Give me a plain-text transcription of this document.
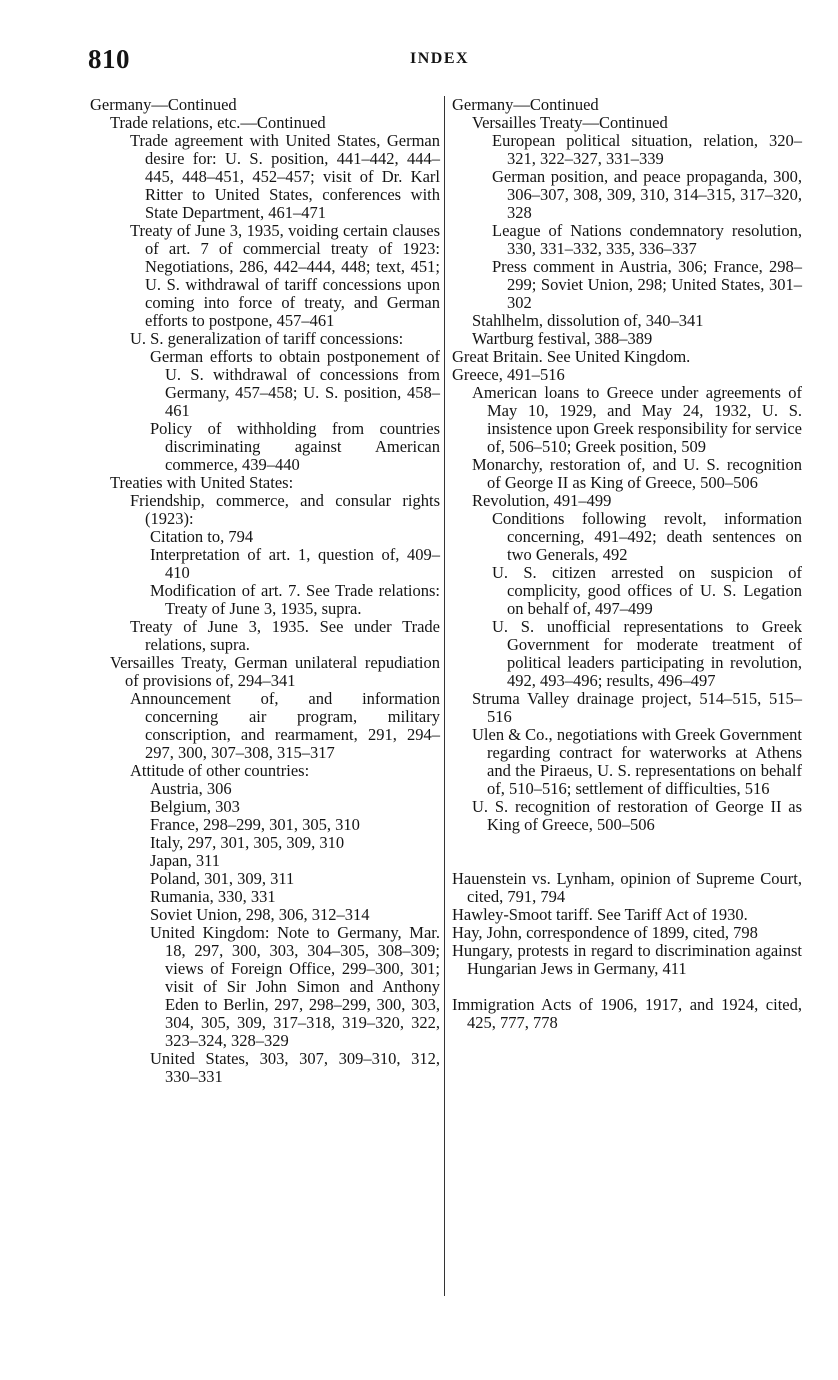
810	INDEX

Germany—Continued

Trade relations, etc.—Continued

Trade agreement with United States, German desire for: U. S. position, 441–442, 444–445, 448–451, 452–457; visit of Dr. Karl Ritter to United States, conferences with State Department, 461–471

Treaty of June 3, 1935, voiding certain clauses of art. 7 of commercial treaty of 1923: Negotiations, 286, 442–444, 448; text, 451; U. S. withdrawal of tariff concessions upon coming into force of treaty, and German efforts to postpone, 457–461

U. S. generalization of tariff concessions:

German efforts to obtain postponement of U. S. withdrawal of concessions from Germany, 457–458; U. S. position, 458–461

Policy of withholding from countries discriminating against American commerce, 439–440

Treaties with United States:

Friendship, commerce, and consular rights (1923):

Citation to, 794

Interpretation of art. 1, question of, 409–410

Modification of art. 7. See Trade relations: Treaty of June 3, 1935, supra.

Treaty of June 3, 1935. See under Trade relations, supra.

Versailles Treaty, German unilateral repudiation of provisions of, 294–341

Announcement of, and information concerning air program, military conscription, and rearmament, 291, 294–297, 300, 307–308, 315–317

Attitude of other countries:

Austria, 306

Belgium, 303

France, 298–299, 301, 305, 310

Italy, 297, 301, 305, 309, 310

Japan, 311

Poland, 301, 309, 311

Rumania, 330, 331

Soviet Union, 298, 306, 312–314

United Kingdom: Note to Germany, Mar. 18, 297, 300, 303, 304–305, 308–309; views of Foreign Office, 299–300, 301; visit of Sir John Simon and Anthony Eden to Berlin, 297, 298–299, 300, 303, 304, 305, 309, 317–318, 319–320, 322, 323–324, 328–329

United States, 303, 307, 309–310, 312, 330–331

Germany—Continued

Versailles Treaty—Continued

European political situation, relation, 320–321, 322–327, 331–339

German position, and peace propaganda, 300, 306–307, 308, 309, 310, 314–315, 317–320, 328

League of Nations condemnatory resolution, 330, 331–332, 335, 336–337

Press comment in Austria, 306; France, 298–299; Soviet Union, 298; United States, 301–302

Stahlhelm, dissolution of, 340–341

Wartburg festival, 388–389

Great Britain. See United Kingdom.

Greece, 491–516

American loans to Greece under agreements of May 10, 1929, and May 24, 1932, U. S. insistence upon Greek responsibility for service of, 506–510; Greek position, 509

Monarchy, restoration of, and U. S. recognition of George II as King of Greece, 500–506

Revolution, 491–499

Conditions following revolt, information concerning, 491–492; death sentences on two Generals, 492

U. S. citizen arrested on suspicion of complicity, good offices of U. S. Legation on behalf of, 497–499

U. S. unofficial representations to Greek Government for moderate treatment of political leaders participating in revolution, 492, 493–496; results, 496–497

Struma Valley drainage project, 514–515, 515–516

Ulen & Co., negotiations with Greek Government regarding contract for waterworks at Athens and the Piraeus, U. S. representations on behalf of, 510–516; settlement of difficulties, 516

U. S. recognition of restoration of George II as King of Greece, 500–506

Hauenstein vs. Lynham, opinion of Supreme Court, cited, 791, 794

Hawley-Smoot tariff. See Tariff Act of 1930.

Hay, John, correspondence of 1899, cited, 798

Hungary, protests in regard to discrimination against Hungarian Jews in Germany, 411

Immigration Acts of 1906, 1917, and 1924, cited, 425, 777, 778
